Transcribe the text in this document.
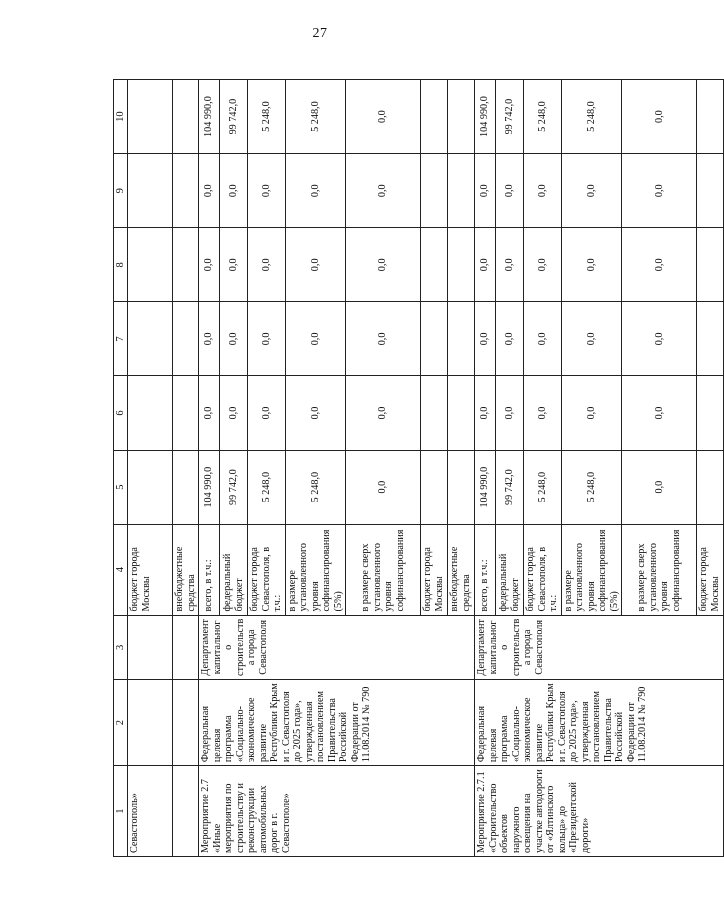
27
1	2	3	4	5	6	7	8	9	10
Севастополь»			бюджет города Москвы						
			внебюджетные средства						
Мероприятие 2.7 «Иные мероприятия по строительству и реконструкции автомобильных дорог в г. Севастополе»	Федеральная целевая программа «Социально-экономическое развитие Республики Крым и г. Севастополя до 2025 года», утвержденная постановлением Правительства Российской Федерации от 11.08.2014 № 790	Департамент капитального строительства города Севастополя	всего, в т.ч.:	104 990,0	0,0	0,0	0,0	0,0	104 990,0
			федеральный бюджет	99 742,0	0,0	0,0	0,0	0,0	99 742,0
			бюджет города Севастополя, в т.ч.:	5 248,0	0,0	0,0	0,0	0,0	5 248,0
			в размере установленного уровня софинансирования (5%)	5 248,0	0,0	0,0	0,0	0,0	5 248,0
			в размере сверх установленного уровня софинансирования	0,0	0,0	0,0	0,0	0,0	0,0
			бюджет города Москвы						
			внебюджетные средства						
Мероприятие 2.7.1 «Строительство объектов наружного освещения на участке автодороги от «Ялтинского кольца» до «Президентской дороги»	Федеральная целевая программа «Социально-экономическое развитие Республики Крым и г. Севастополя до 2025 года», утвержденная постановлением Правительства Российской Федерации от 11.08.2014 № 790	Департамент капитального строительства города Севастополя	всего, в т.ч.:	104 990,0	0,0	0,0	0,0	0,0	104 990,0
			федеральный бюджет	99 742,0	0,0	0,0	0,0	0,0	99 742,0
			бюджет города Севастополя, в т.ч.:	5 248,0	0,0	0,0	0,0	0,0	5 248,0
			в размере установленного уровня софинансирования (5%)	5 248,0	0,0	0,0	0,0	0,0	5 248,0
			в размере сверх установленного уровня софинансирования	0,0	0,0	0,0	0,0	0,0	0,0
			бюджет города Москвы						
